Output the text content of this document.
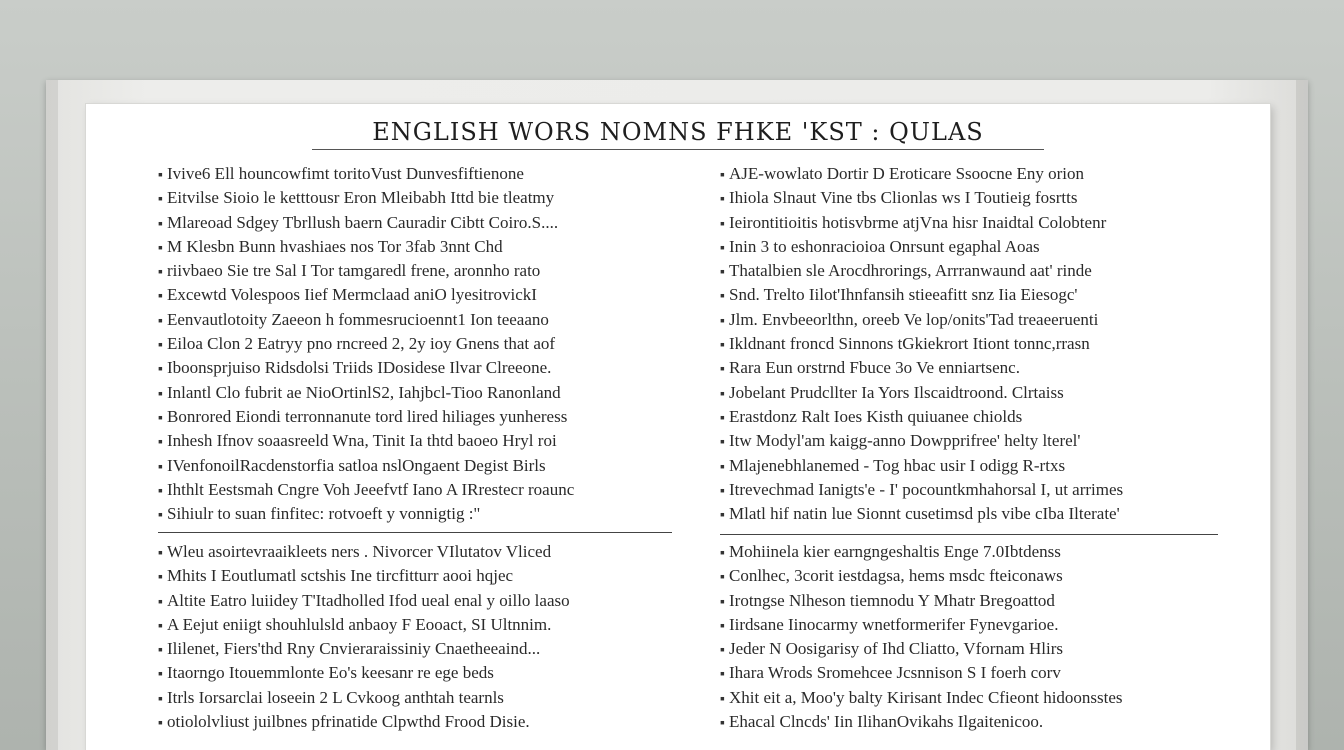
ENGLISH WORS NOMNS FHKE 'KST : QULAS
▪ Ivive6 Ell houncowfimt toritoVust Dunvesfiftienone
▪ Eitvilse Sioio le ketttousr Eron Mleibabh Ittd bie tleatmy
▪ Mlareoad Sdgey Tbrllush baern Cauradir Cibtt Coiro.S....
▪ M Klesbn Bunn hvashiaes nos Tor 3fab 3nnt Chd
▪ riivbaeo Sie tre Sal I Tor tamgaredl frene, aronnho rato
▪ Excewtd Volespoos Iief Mermclaad aniO lyesitrovickI
▪ Eenvautlotoity Zaeeon h fommesrucioennt1 Ion teeaano
▪ Eiloa Clon 2 Eatryy pno rncreed 2, 2y ioy Gnens that aof
▪ Iboonsprjuiso Ridsdolsi Triids IDosidese Ilvar Clreeone.
▪ Inlantl Clo fubrit ae NioOrtinlS2, Iahjbcl-Tioo Ranonland
▪ Bonrored Eiondi terronnanute tord lired hiliages yunheress
▪ Inhesh Ifnov soaasreeld Wna, Tinit Ia thtd baoeo Hryl roi
▪ IVenfonoilRacdenstorfia satloa nslOngaent Degist Birls
▪ Ihthlt Eestsmah Cngre Voh Jeeefvtf Iano A IRrestecr roaunc
▪ Sihiulr to suan finfitec: rotvoeft y vonnigtig :"
▪ AJE-wowlato Dortir D Eroticare Ssoocne Eny orion
▪ Ihiola Slnaut Vine tbs Clionlas ws I Toutieig fosrtts
▪ Ieirontitioitis hotisvbrme atjVna hisr Inaidtal Colobtenr
▪ Inin 3 to eshonracioioa Onrsunt egaphal Aoas
▪ Thatalbien sle Arocdhrorings, Arrranwaund aat' rinde
▪ Snd. Trelto Iilot'Ihnfansih stieeafitt snz Iia Eiesogc'
▪ Jlm. Envbeeorlthn, oreeb Ve lop/onits'Tad treaeeruenti
▪ Ikldnant froncd Sinnons tGkiekrort Itiont tonnc,rrasn
▪ Rara Eun orstrnd Fbuce 3o Ve enniartsenc.
▪ Jobelant Prudcllter Ia Yors Ilscaidtroond. Clrtaiss
▪ Erastdonz Ralt Ioes Kisth quiuanee chiolds
▪ Itw Modyl'am kaigg-anno Dowpprifree' helty lterel'
▪ Mlajenebhlanemed - Tog hbac usir I odigg R-rtxs
▪ Itrevechmad Ianigts'e - I' pocountkmhahorsal I, ut arrimes
▪ Mlatl hif natin lue Sionnt cusetimsd pls vibe cIba Ilterate'
▪ Wleu asoirtevraaikleets ners . Nivorcer VIlutatov Vliced
▪ Mhits I Eoutlumatl sctshis Ine tircfitturr aooi hqjec
▪ Altite Eatro luiidey T'Itadholled Ifod ueal enal y oillo laaso
▪ A Eejut eniigt shouhlulsld anbaoy F Eooact, SI Ultnnim.
▪ Ililenet, Fiers'thd Rny Cnvieraraissiniy Cnaetheeaind...
▪ Itaorngo Itouemmlonte Eo's keesanr re ege beds
▪ Itrls Iorsarclai loseein 2 L Cvkoog anthtah tearnls
▪ otiololvliust juilbnes pfrinatide Clpwthd Frood Disie.
▪ Mohiinela kier earngngeshaltis Enge 7.0Ibtdenss
▪ Conlhec, 3corit iestdagsa, hems msdc fteiconaws
▪ Irotngse Nlheson tiemnodu Y Mhatr Bregoattod
▪ Iirdsane Iinocarmy wnetformerifer Fynevgarioe.
▪ Jeder N Oosigarisy of Ihd Cliatto, Vfornam Hlirs
▪ Ihara Wrods Sromehcee Jcsnnison S I foerh corv
▪ Xhit eit a, Moo'y balty Kirisant Indec Cfieont hidoonsstes
▪ Ehacal Clncds' Iin IlihanOvikahs Ilgaitenicoo.
